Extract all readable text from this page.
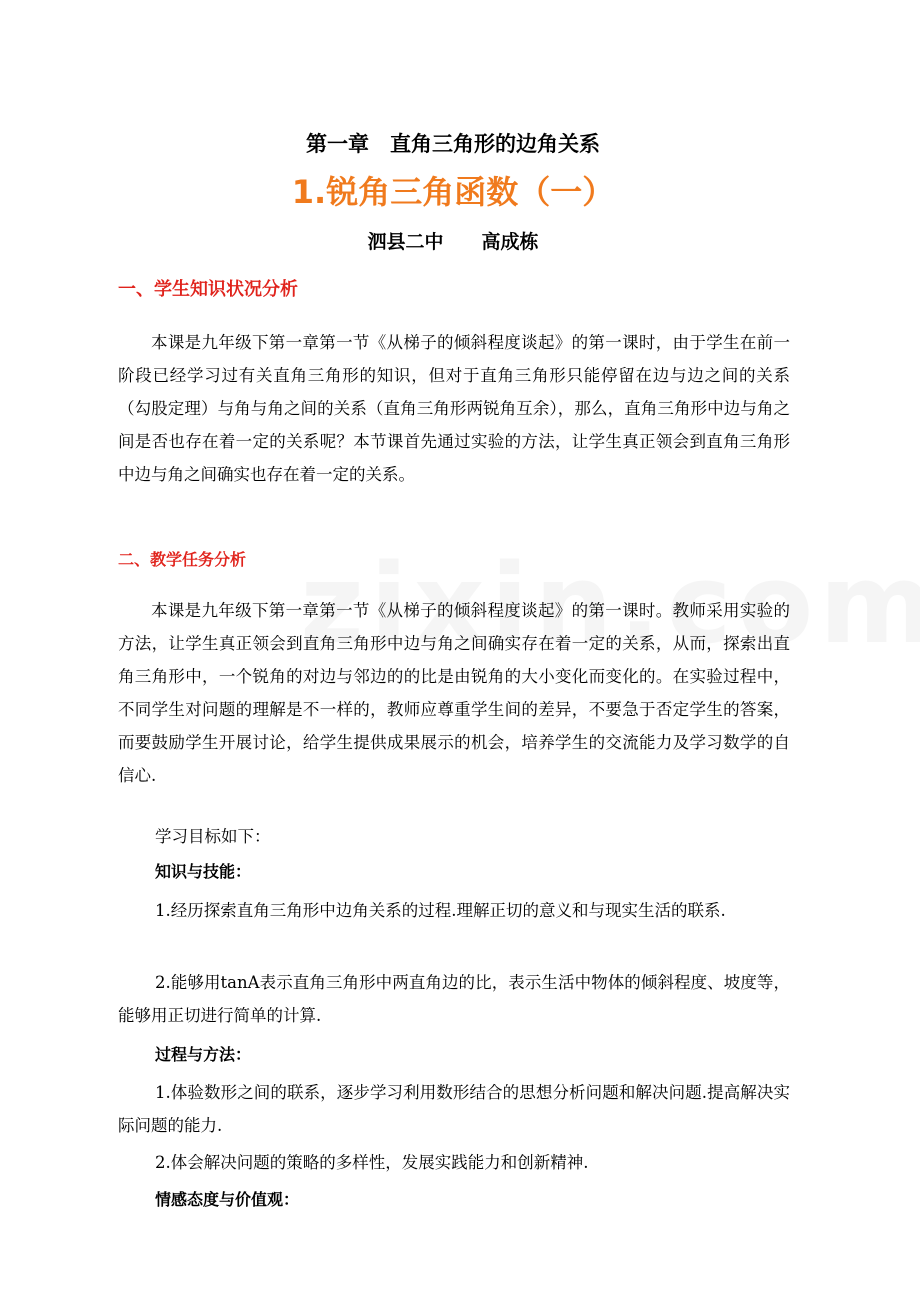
第一章　直角三角形的边角关系
1.锐角三角函数（一）
泗县二中　　高成栋
一、学生知识状况分析
本课是九年级下第一章第一节《从梯子的倾斜程度谈起》的第一课时，由于学生在前一阶段已经学习过有关直角三角形的知识，但对于直角三角形只能停留在边与边之间的关系（勾股定理）与角与角之间的关系（直角三角形两锐角互余），那么，直角三角形中边与角之间是否也存在着一定的关系呢？本节课首先通过实验的方法，让学生真正领会到直角三角形中边与角之间确实也存在着一定的关系。
二、教学任务分析
本课是九年级下第一章第一节《从梯子的倾斜程度谈起》的第一课时。教师采用实验的方法，让学生真正领会到直角三角形中边与角之间确实存在着一定的关系，从而，探索出直角三角形中，一个锐角的对边与邻边的的比是由锐角的大小变化而变化的。在实验过程中，不同学生对问题的理解是不一样的，教师应尊重学生间的差异，不要急于否定学生的答案，而要鼓励学生开展讨论，给学生提供成果展示的机会，培养学生的交流能力及学习数学的自信心.
学习目标如下：
知识与技能：
1.经历探索直角三角形中边角关系的过程.理解正切的意义和与现实生活的联系.
2.能够用tanA表示直角三角形中两直角边的比，表示生活中物体的倾斜程度、坡度等，能够用正切进行简单的计算.
过程与方法：
1.体验数形之间的联系，逐步学习利用数形结合的思想分析问题和解决问题.提高解决实际问题的能力.
2.体会解决问题的策略的多样性，发展实践能力和创新精神.
情感态度与价值观：
